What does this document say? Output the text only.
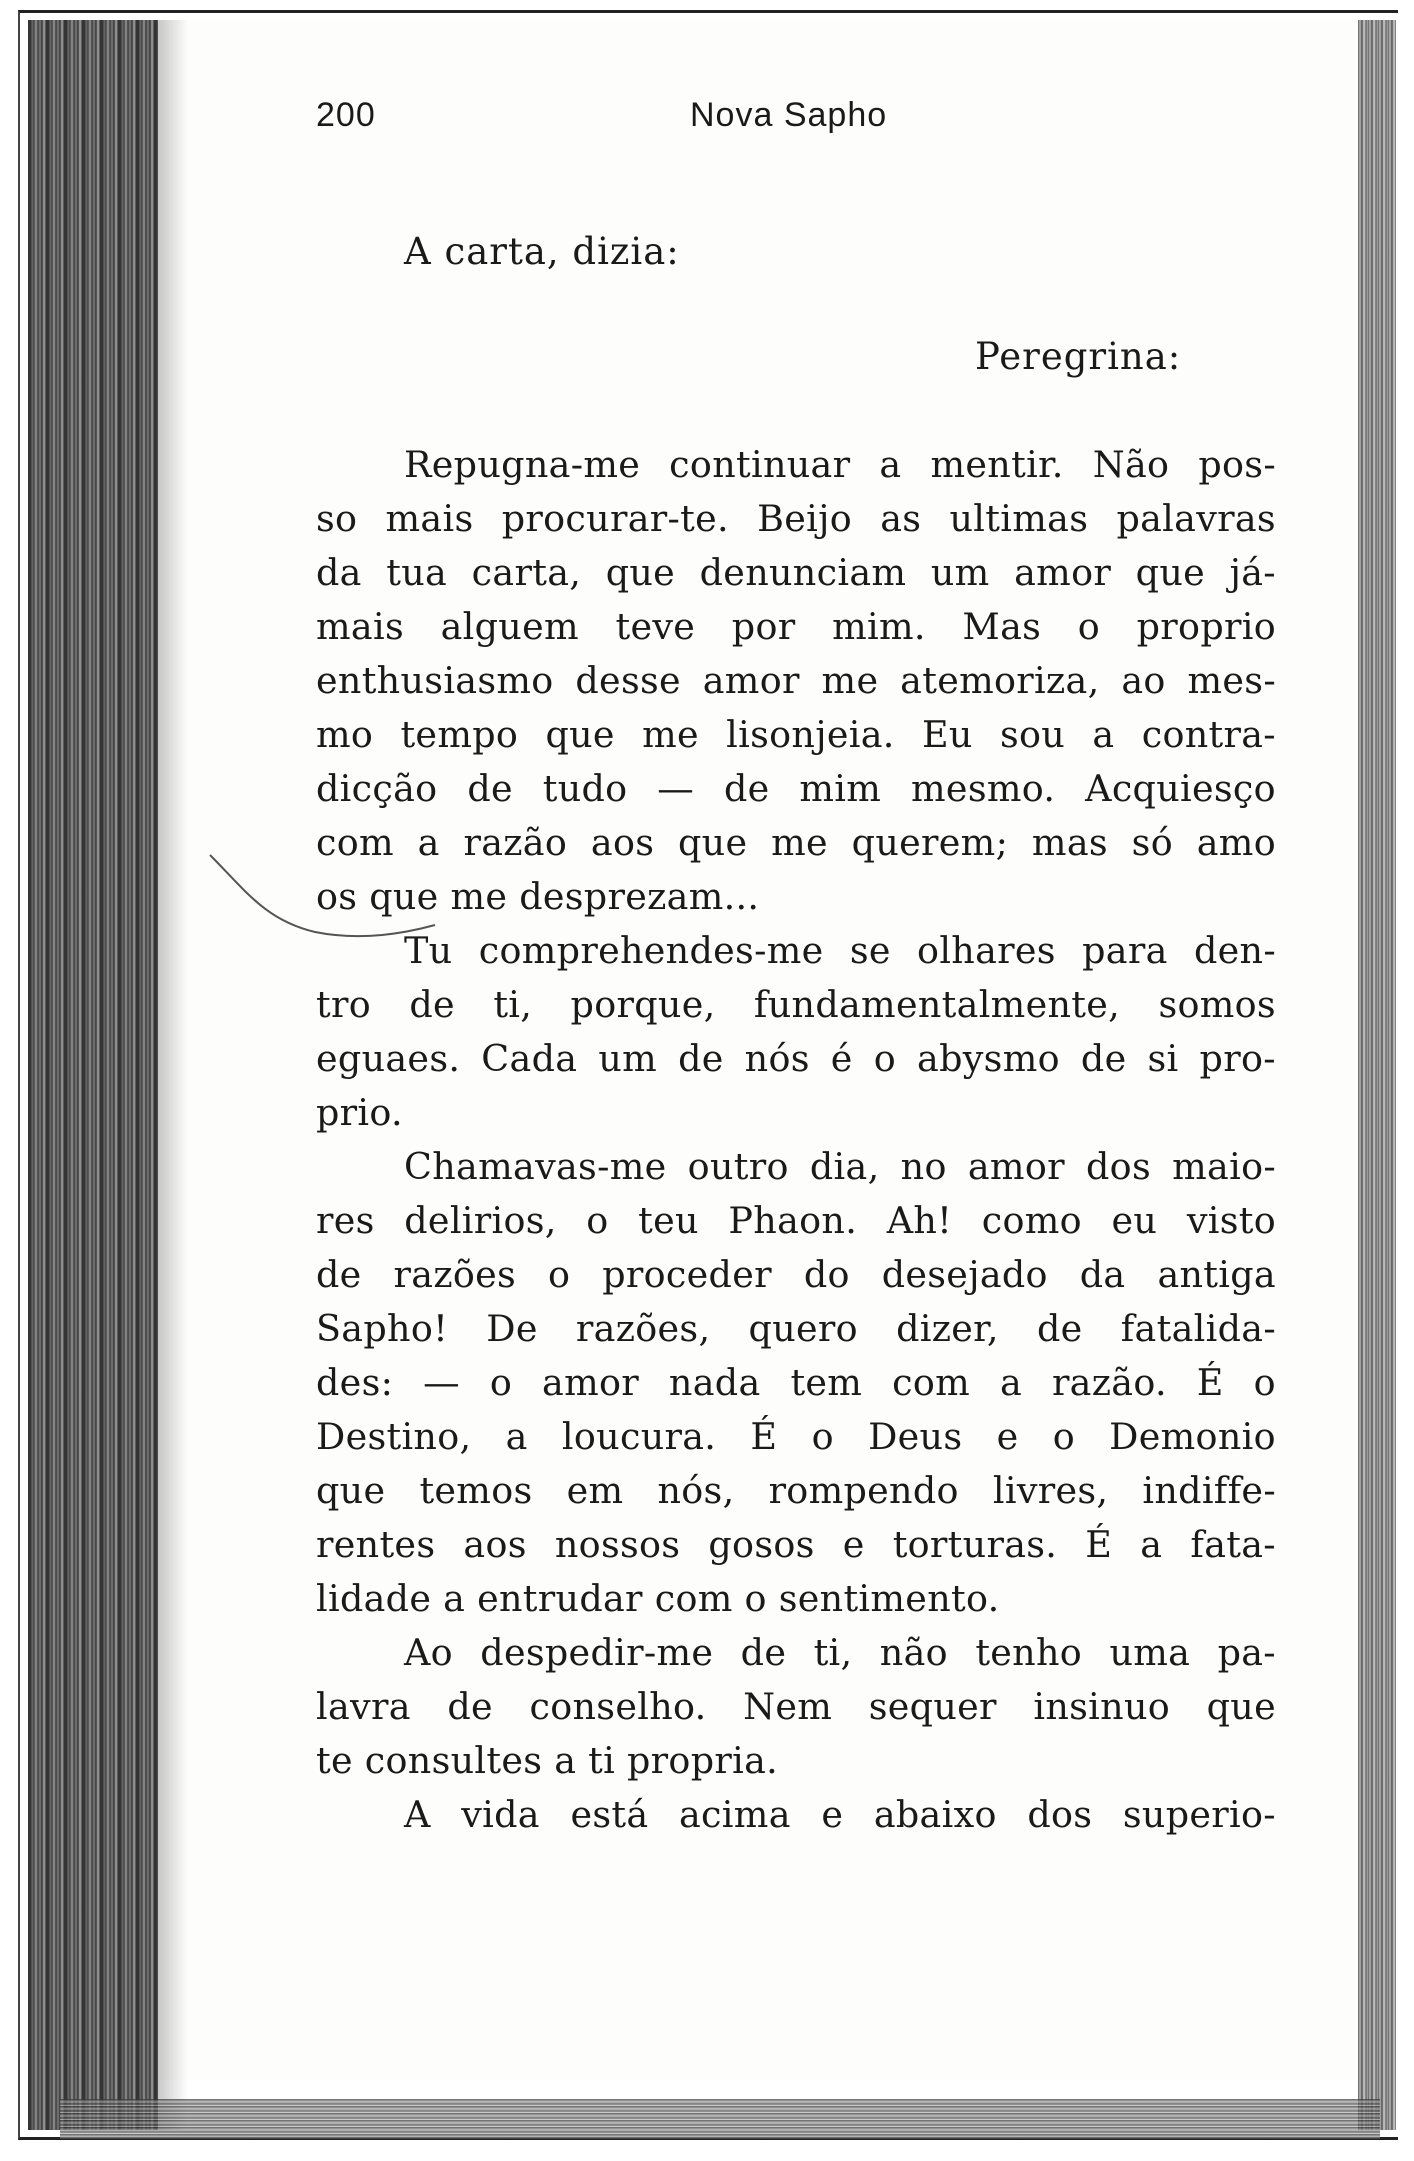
200	Nova Sapho
A carta, dizia:
Peregrina:
Repugna-me continuar a mentir. Não pos-
so mais procurar-te. Beijo as ultimas palavras
da tua carta, que denunciam um amor que já-
mais alguem teve por mim. Mas o proprio
enthusiasmo desse amor me atemoriza, ao mes-
mo tempo que me lisonjeia. Eu sou a contra-
dicção de tudo — de mim mesmo. Acquiesço
com a razão aos que me querem; mas só amo
os que me desprezam...
Tu comprehendes-me se olhares para den-
tro de ti, porque, fundamentalmente, somos
eguaes. Cada um de nós é o abysmo de si pro-
prio.
Chamavas-me outro dia, no amor dos maio-
res delirios, o teu Phaon. Ah! como eu visto
de razões o proceder do desejado da antiga
Sapho! De razões, quero dizer, de fatalida-
des: — o amor nada tem com a razão. É o
Destino, a loucura. É o Deus e o Demonio
que temos em nós, rompendo livres, indiffe-
rentes aos nossos gosos e torturas. É a fata-
lidade a entrudar com o sentimento.
Ao despedir-me de ti, não tenho uma pa-
lavra de conselho. Nem sequer insinuo que
te consultes a ti propria.
A vida está acima e abaixo dos superio-
